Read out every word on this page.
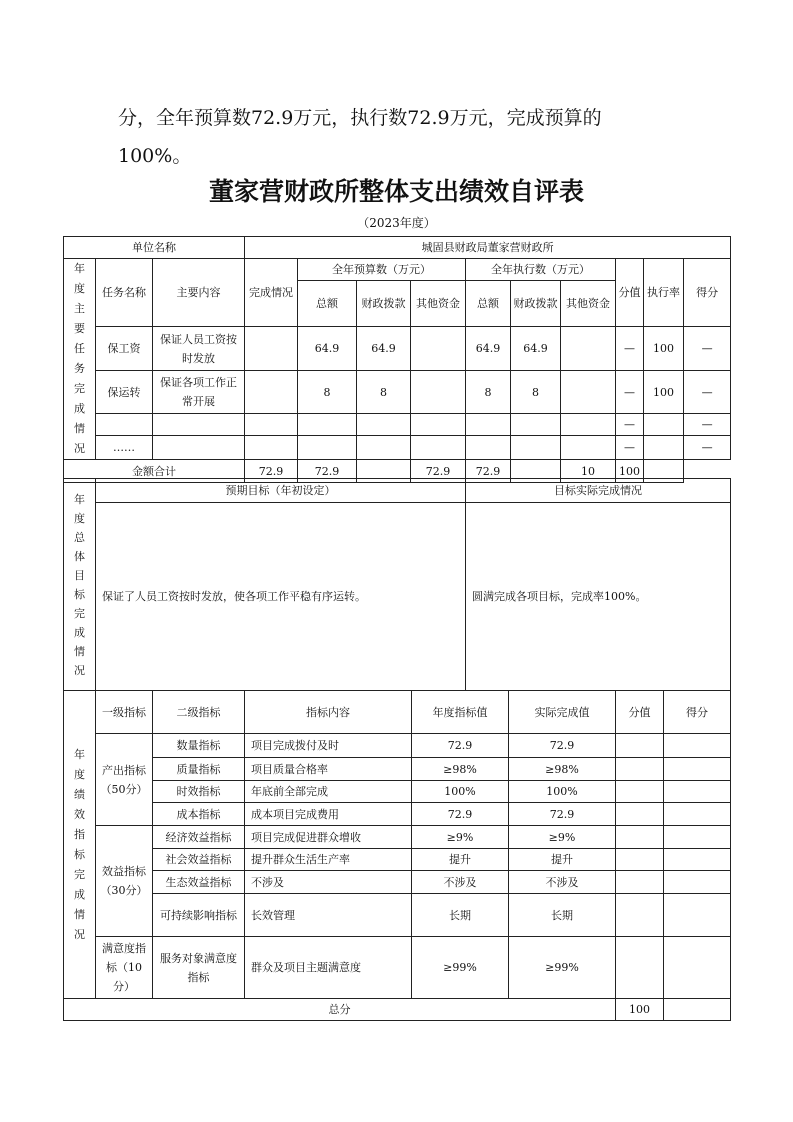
分，全年预算数72.9万元，执行数72.9万元，完成预算的
100%。
董家营财政所整体支出绩效自评表
（2023年度）
单位名称			城固县财政局董家营财政所									

年度主要任务完成情况	任务名称	主要内容	完成情况	全年预算数（万元）			全年执行数（万元）			分值	执行率	得分
				总额	财政拨款	其他资金	总额	财政拨款	其他资金			
	保工资	保证人员工资按时发放		64.9	64.9		64.9	64.9		—	100	—
	保运转	保证各项工作正常开展		8	8		8	8		—	100	—
										—		—
	……									—		—
金额合计			72.9	72.9		72.9	72.9		10	100		
年度总体目标完成情况	预期目标（年初设定）	目标实际完成情况
	保证了人员工资按时发放，使各项工作平稳有序运转。	圆满完成各项目标，完成率100%。
年度绩效指标完成情况	一级指标	二级指标	指标内容	年度指标值	实际完成值	分值	得分
	产出指标（50分）	数量指标	项目完成拨付及时	72.9	72.9		
		质量指标	项目质量合格率	≥98%	≥98%		
		时效指标	年底前全部完成	100%	100%		
		成本指标	成本项目完成费用	72.9	72.9		
	效益指标（30分）	经济效益指标	项目完成促进群众增收	≥9%	≥9%		
		社会效益指标	提升群众生活生产率	提升	提升		
		生态效益指标	不涉及	不涉及	不涉及		
		可持续影响指标	长效管理	长期	长期		
	满意度指标（10分）	服务对象满意度指标	群众及项目主题满意度	≥99%	≥99%		
总分						100	
